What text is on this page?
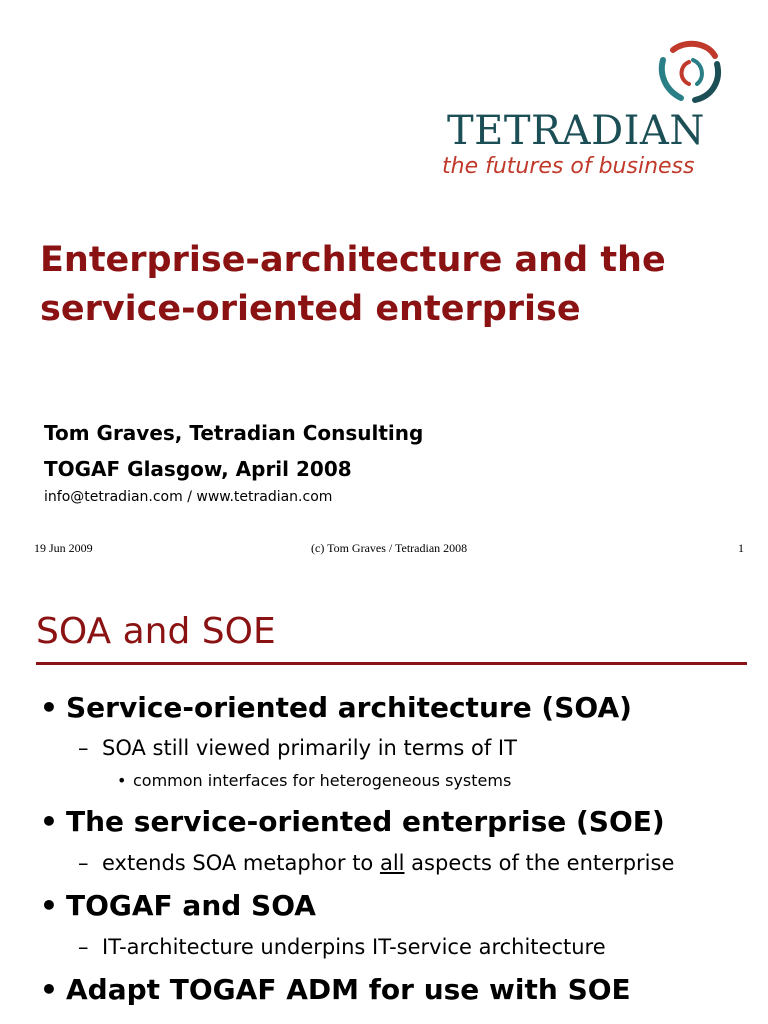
TETRADIAN
the futures of business
Enterprise-architecture and the
service-oriented enterprise
Tom Graves, Tetradian Consulting
TOGAF Glasgow, April 2008
info@tetradian.com / www.tetradian.com
19 Jun 2009	(c) Tom Graves / Tetradian 2008	1
SOA and SOE
• Service-oriented architecture (SOA)
– SOA still viewed primarily in terms of IT
• common interfaces for heterogeneous systems
• The service-oriented enterprise (SOE)
– extends SOA metaphor to all aspects of the enterprise
• TOGAF and SOA
– IT-architecture underpins IT-service architecture
• Adapt TOGAF ADM for use with SOE
